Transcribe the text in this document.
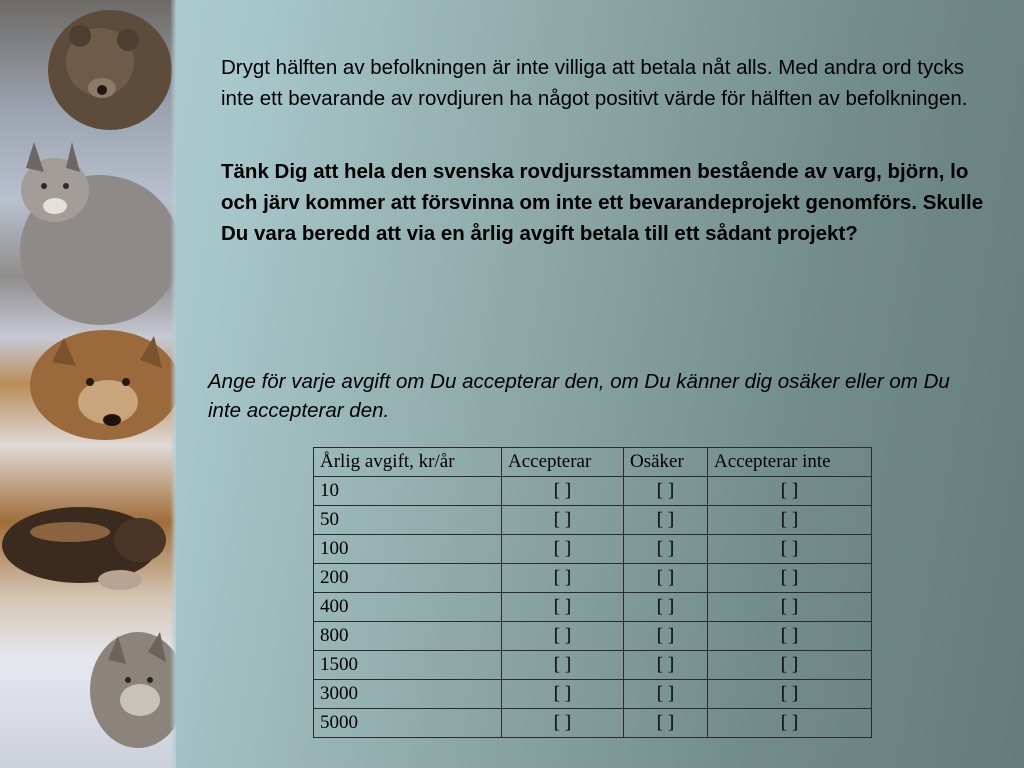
Drygt hälften av befolkningen är inte villiga att betala nåt alls. Med andra ord tycks inte ett bevarande av rovdjuren ha något positivt värde för hälften av befolkningen.

Tänk Dig att hela den svenska rovdjursstammen bestående av varg, björn, lo och järv kommer att försvinna om inte ett bevarandeprojekt genomförs. Skulle Du vara beredd att via en årlig avgift betala till ett sådant projekt?

Ange för varje avgift om Du accepterar den, om Du känner dig osäker eller om Du inte accepterar den.

Årlig avgift, kr/år	Accepterar	Osäker	Accepterar inte
10	[ ]	[ ]	[ ]
50	[ ]	[ ]	[ ]
100	[ ]	[ ]	[ ]
200	[ ]	[ ]	[ ]
400	[ ]	[ ]	[ ]
800	[ ]	[ ]	[ ]
1500	[ ]	[ ]	[ ]
3000	[ ]	[ ]	[ ]
5000	[ ]	[ ]	[ ]
